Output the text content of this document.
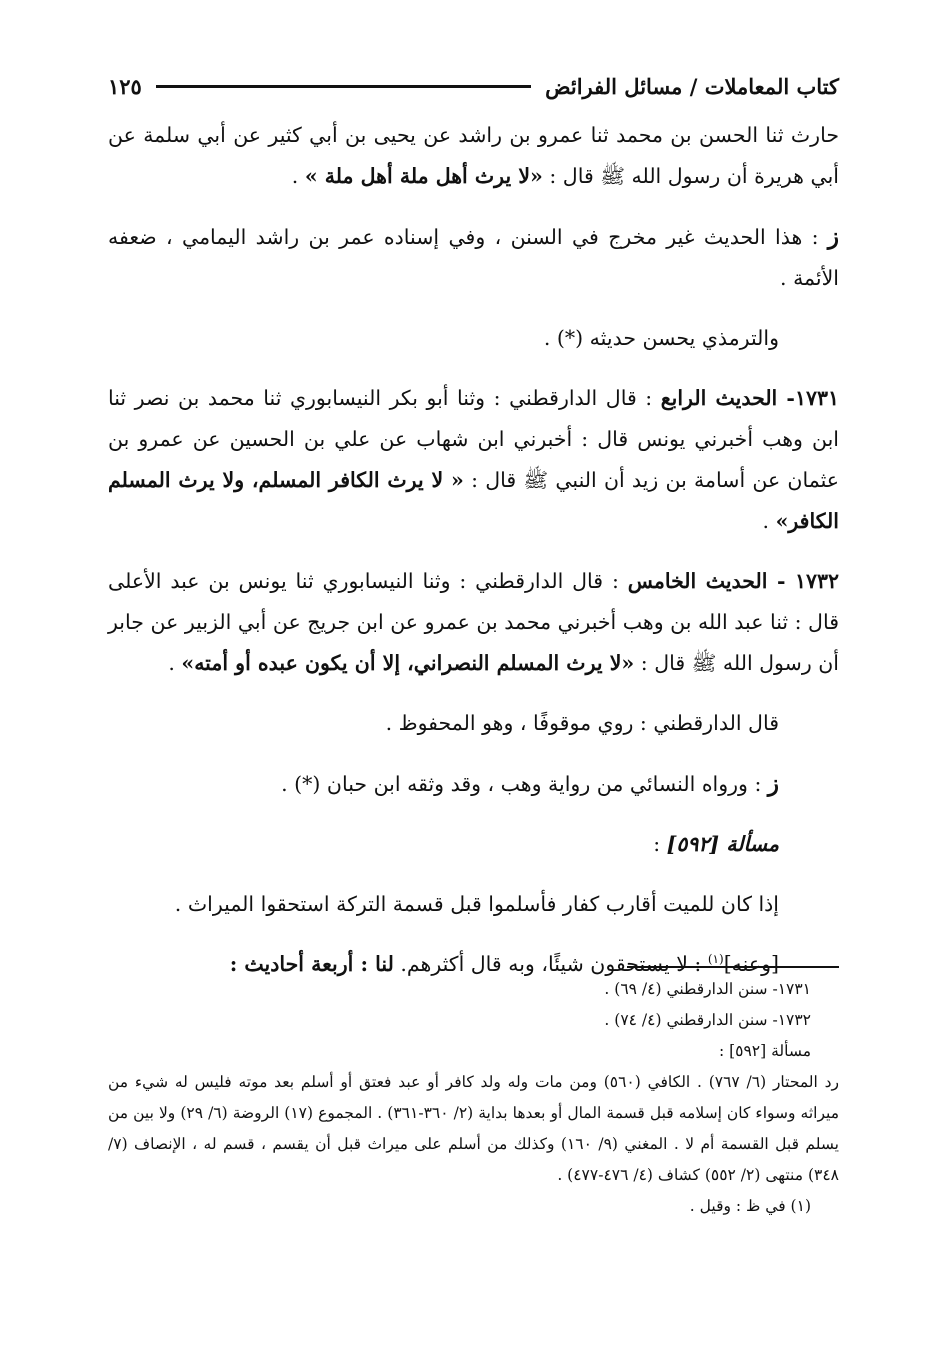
كتاب المعاملات / مسائل الفرائض
١٢٥

حارث ثنا الحسن بن محمد ثنا عمرو بن راشد عن يحيى بن أبي كثير عن أبي سلمة عن أبي هريرة أن رسول الله ﷺ قال : «لا يرث أهل ملة أهل ملة » .

ز : هذا الحديث غير مخرج في السنن ، وفي إسناده عمر بن راشد اليمامي ، ضعفه الأئمة .

والترمذي يحسن حديثه (*) .

١٧٣١- الحديث الرابع : قال الدارقطني : وثنا أبو بكر النيسابوري ثنا محمد بن نصر ثنا ابن وهب أخبرني يونس قال : أخبرني ابن شهاب عن علي بن الحسين عن عمرو بن عثمان عن أسامة بن زيد أن النبي ﷺ قال : « لا يرث الكافر المسلم، ولا يرث المسلم الكافر» .

١٧٣٢ - الحديث الخامس : قال الدارقطني : وثنا النيسابوري ثنا يونس بن عبد الأعلى قال : ثنا عبد الله بن وهب أخبرني محمد بن عمرو عن ابن جريج عن أبي الزبير عن جابر أن رسول الله ﷺ قال : «لا يرث المسلم النصراني، إلا أن يكون عبده أو أمته» .

قال الدارقطني : روي موقوفًا ، وهو المحفوظ .

ز : ورواه النسائي من رواية وهب ، وقد وثقه ابن حبان (*) .

مسألة [٥٩٢] :

إذا كان للميت أقارب كفار فأسلموا قبل قسمة التركة استحقوا الميراث .

[وعنه]$^{(١)}$ : لا يستحقون شيئًا، وبه قال أكثرهم. لنا : أربعة أحاديث :

١٧٣١- سنن الدارقطني (٤/ ٦٩) .

١٧٣٢- سنن الدارقطني (٤/ ٧٤) .

مسألة [٥٩٢] :

رد المحتار (٦/ ٧٦٧) . الكافي (٥٦٠) ومن مات وله ولد كافر أو عبد فعتق أو أسلم بعد موته فليس له شيء من ميراثه وسواء كان إسلامه قبل قسمة المال أو بعدها بداية (٢/ ٣٦٠-٣٦١) . المجموع (١٧) الروضة (٦/ ٢٩) ولا بين من يسلم قبل القسمة أم لا . المغني (٩/ ١٦٠) وكذلك من أسلم على ميراث قبل أن يقسم ، قسم له ، الإنصاف (٧/ ٣٤٨) منتهى (٢/ ٥٥٢) كشاف (٤/ ٤٧٦-٤٧٧) .

(١) في ظ : وقيل .
